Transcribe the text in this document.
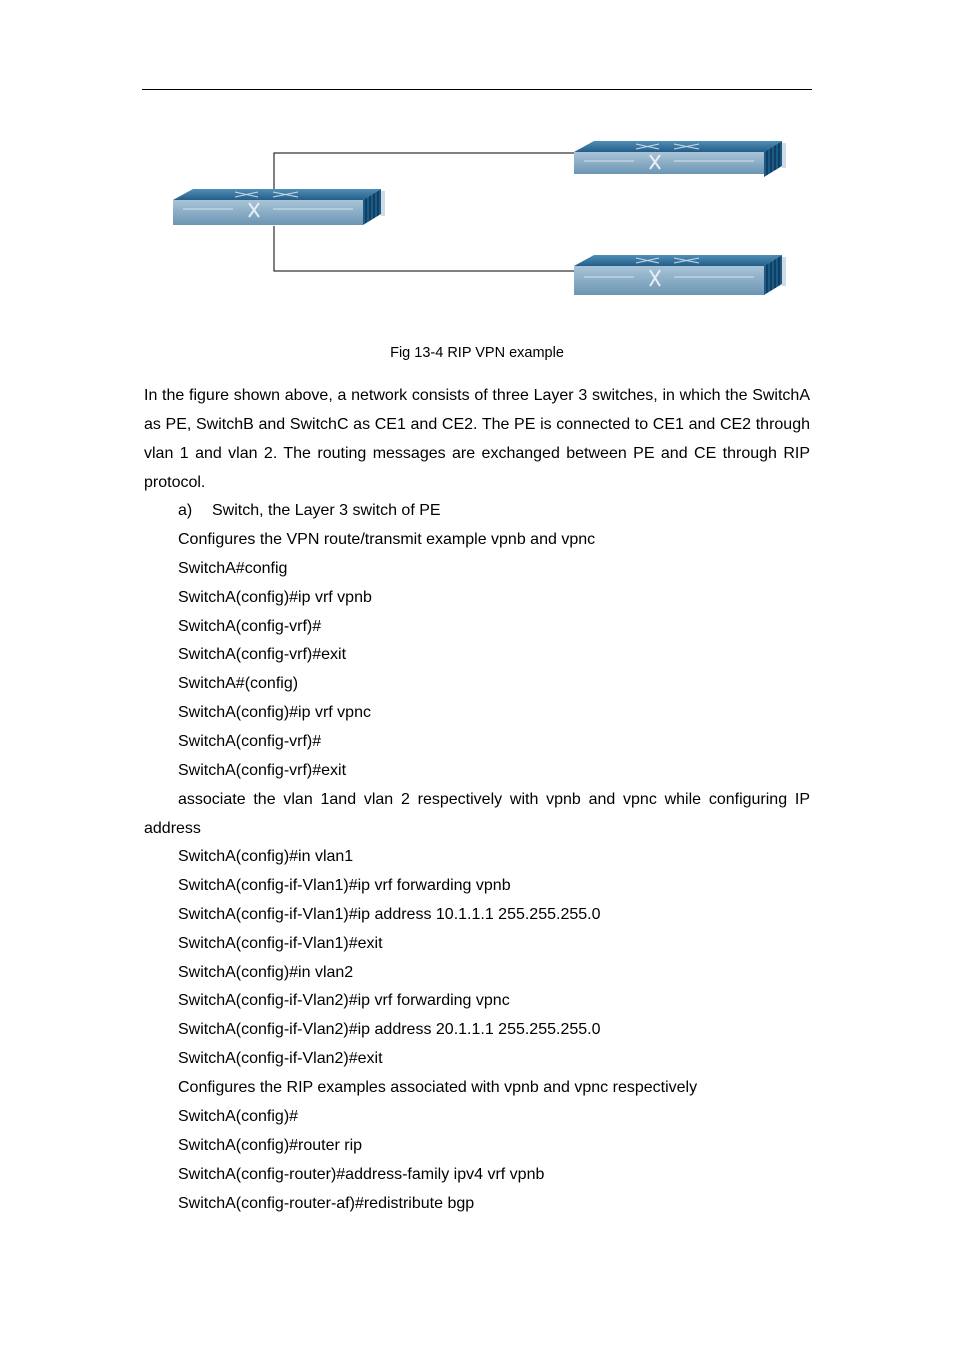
Fig 13-4 RIP VPN example

In the figure shown above, a network consists of three Layer 3 switches, in which the SwitchA as PE, SwitchB and SwitchC as CE1 and CE2. The PE is connected to CE1 and CE2 through vlan 1 and vlan 2. The routing messages are exchanged between PE and CE through RIP protocol.

a) Switch, the Layer 3 switch of PE
Configures the VPN route/transmit example vpnb and vpnc
SwitchA#config
SwitchA(config)#ip vrf vpnb
SwitchA(config-vrf)#
SwitchA(config-vrf)#exit
SwitchA#(config)
SwitchA(config)#ip vrf vpnc
SwitchA(config-vrf)#
SwitchA(config-vrf)#exit
associate the vlan 1and vlan 2 respectively with vpnb and vpnc while configuring IP
address
SwitchA(config)#in vlan1
SwitchA(config-if-Vlan1)#ip vrf forwarding vpnb
SwitchA(config-if-Vlan1)#ip address 10.1.1.1 255.255.255.0
SwitchA(config-if-Vlan1)#exit
SwitchA(config)#in vlan2
SwitchA(config-if-Vlan2)#ip vrf forwarding vpnc
SwitchA(config-if-Vlan2)#ip address 20.1.1.1 255.255.255.0
SwitchA(config-if-Vlan2)#exit
Configures the RIP examples associated with vpnb and vpnc respectively
SwitchA(config)#
SwitchA(config)#router rip
SwitchA(config-router)#address-family ipv4 vrf vpnb
SwitchA(config-router-af)#redistribute bgp
